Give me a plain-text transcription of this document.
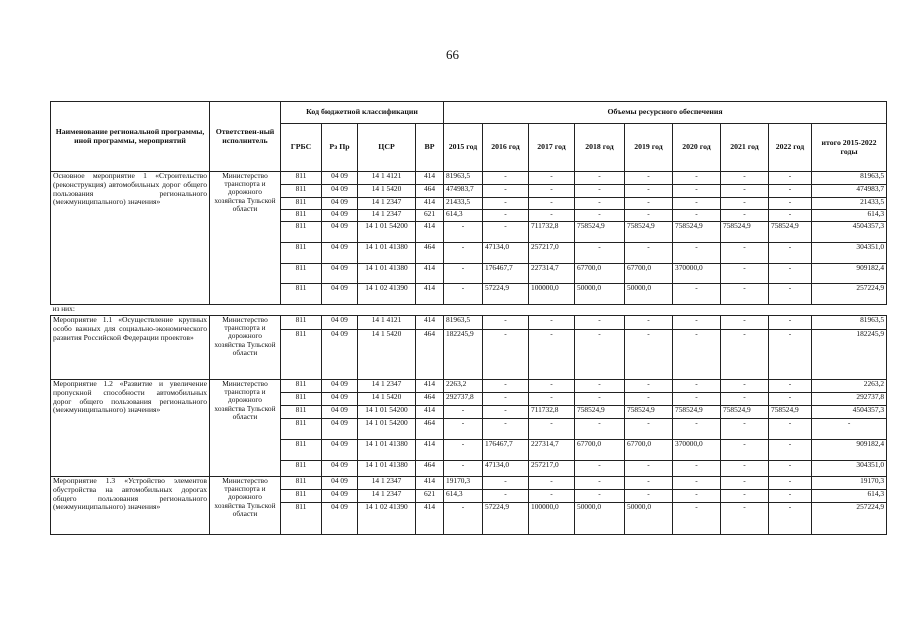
66
Наименование региональной программы, иной программы, мероприятий	Ответствен-ный исполнитель	Код бюджетной классификации				Объемы ресурсного обеспечения								
		ГРБС	Рз Пр	ЦСР	ВР	2015 год	2016 год	2017 год	2018 год	2019 год	2020 год	2021 год	2022 год	итого 2015-2022 годы
Основное мероприятие 1 «Строительство (реконструкция) автомобильных дорог общего пользования регионального (межмуниципального) значения»	Министерство транспорта и дорожного хозяйства Тульской области	811	04 09	14 1 4121	414	81963,5	-	-	-	-	-	-	-	81963,5
		811	04 09	14 1 5420	464	474983,7	-	-	-	-	-	-	-	474983,7
		811	04 09	14 1 2347	414	21433,5	-	-	-	-	-	-	-	21433,5
		811	04 09	14 1 2347	621	614,3	-	-	-	-	-	-	-	614,3
		811	04 09	14 1 01 54200	414	-	-	711732,8	758524,9	758524,9	758524,9	758524,9	758524,9	4504357,3
		811	04 09	14 1 01 41380	464	-	47134,0	257217,0	-	-	-	-	-	304351,0
		811	04 09	14 1 01 41380	414	-	176467,7	227314,7	67700,0	67700,0	370000,0	-	-	909182,4
		811	04 09	14 1 02 41390	414	-	57224,9	100000,0	50000,0	50000,0	-	-	-	257224,9
из них:														
Мероприятие 1.1 «Осуществление крупных особо важных для социально-экономического развития Российской Федерации проектов»	Министерство транспорта и дорожного хозяйства Тульской области	811	04 09	14 1 4121	414	81963,5	-	-	-	-	-	-	-	81963,5
		811	04 09	14 1 5420	464	182245,9	-	-	-	-	-	-	-	182245,9
Мероприятие 1.2 «Развитие и увеличение пропускной способности автомобильных дорог общего пользования регионального (межмуниципального) значения»	Министерство транспорта и дорожного хозяйства Тульской области	811	04 09	14 1 2347	414	2263,2	-	-	-	-	-	-	-	2263,2
		811	04 09	14 1 5420	464	292737,8	-	-	-	-	-	-	-	292737,8
		811	04 09	14 1 01 54200	414	-	-	711732,8	758524,9	758524,9	758524,9	758524,9	758524,9	4504357,3
		811	04 09	14 1 01 54200	464	-	-	-	-	-	-	-	-	-
		811	04 09	14 1 01 41380	414	-	176467,7	227314,7	67700,0	67700,0	370000,0	-	-	909182,4
		811	04 09	14 1 01 41380	464	-	47134,0	257217,0	-	-	-	-	-	304351,0
Мероприятие 1.3 «Устройство элементов обустройства на автомобильных дорогах общего пользования регионального (межмуниципального) значения»	Министерство транспорта и дорожного хозяйства Тульской области	811	04 09	14 1 2347	414	19170,3	-	-	-	-	-	-	-	19170,3
		811	04 09	14 1 2347	621	614,3	-	-	-	-	-	-	-	614,3
		811	04 09	14 1 02 41390	414	-	57224,9	100000,0	50000,0	50000,0	-	-	-	257224,9
